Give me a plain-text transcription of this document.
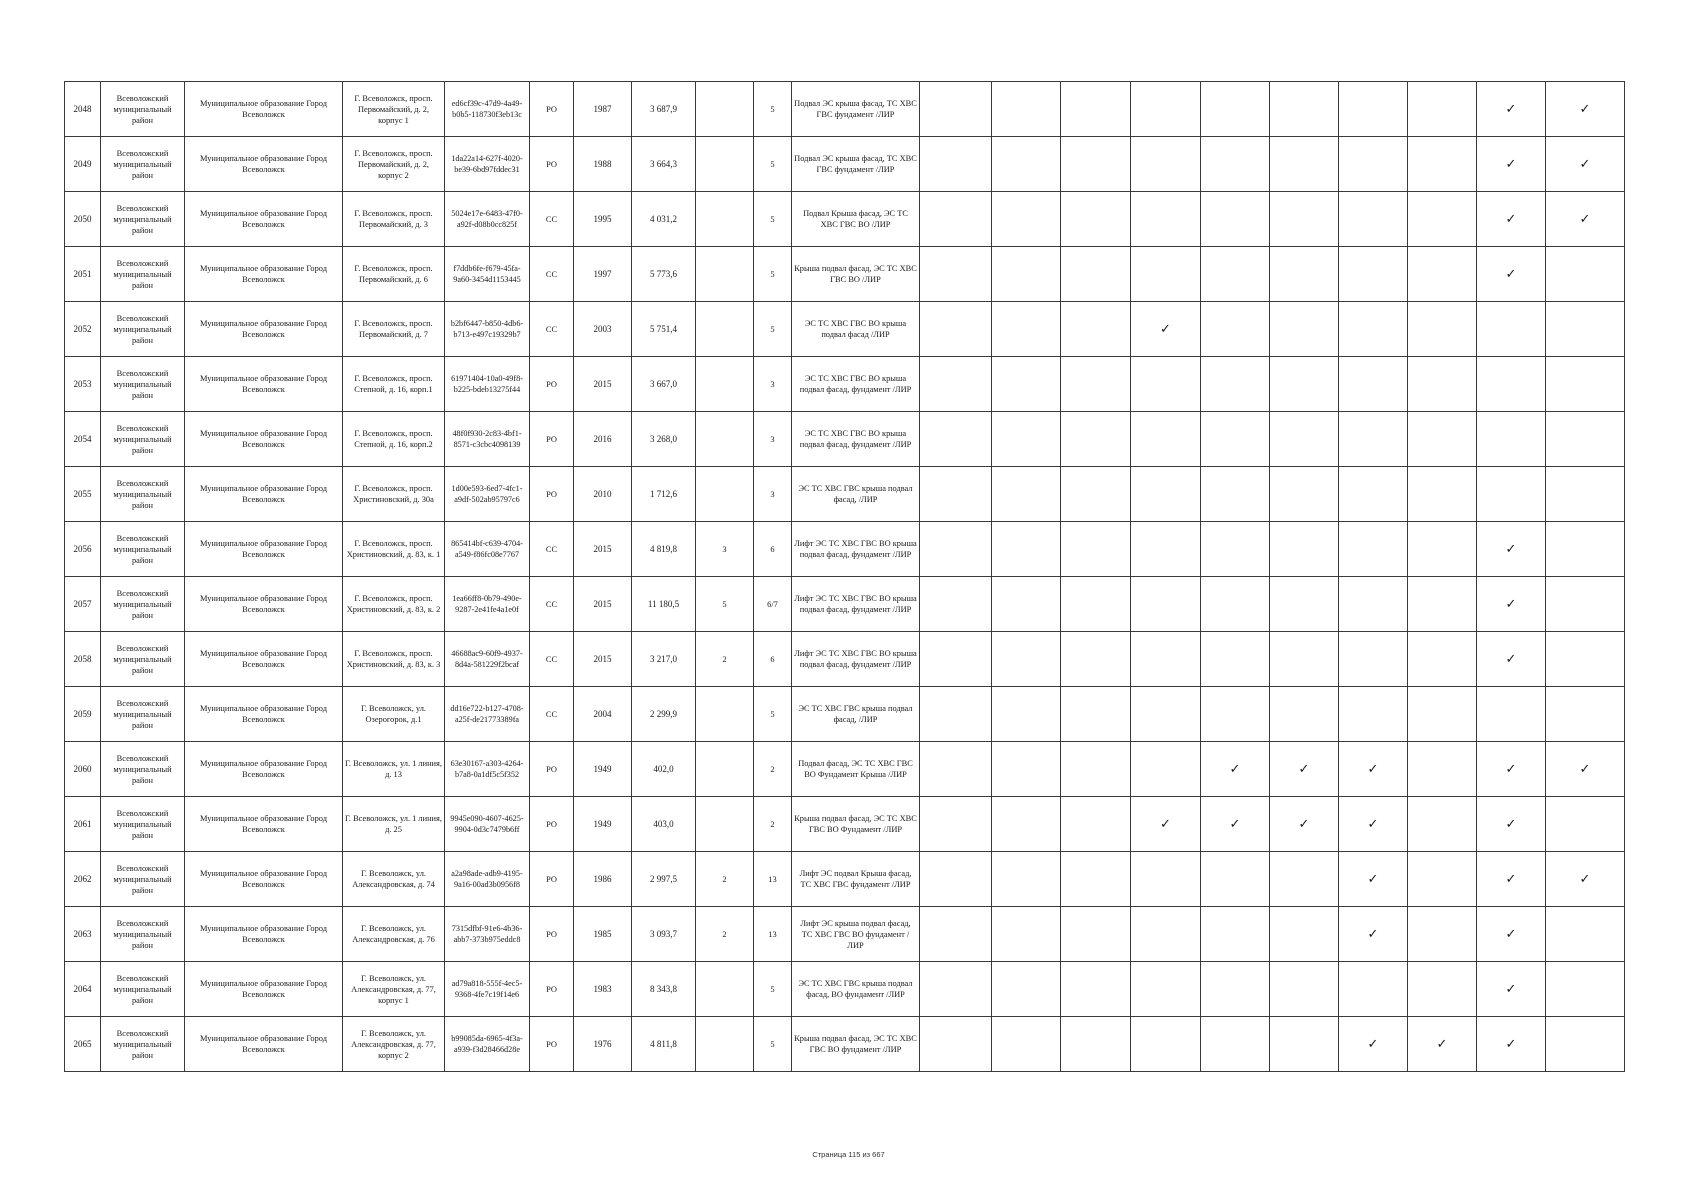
2048	Всеволожский муниципальный район	Муниципальное образование Город Всеволожск	Г. Всеволожск, просп. Первомайский, д. 2, корпус 1	ed6cf39c-47d9-4a49-b0b5-118730f3eb13c	РО	1987	3 687,9		5	Подвал ЭС крыша фасад, ТС ХВС ГВС фундамент /ЛИР									✓	✓	
2049	Всеволожский муниципальный район	Муниципальное образование Город Всеволожск	Г. Всеволожск, просп. Первомайский, д. 2, корпус 2	1da22a14-627f-4020-be39-6bd97fddec31	РО	1988	3 664,3		5	Подвал ЭС крыша фасад, ТС ХВС ГВС фундамент /ЛИР									✓	✓	
2050	Всеволожский муниципальный район	Муниципальное образование Город Всеволожск	Г. Всеволожск, просп. Первомайский, д. 3	5024e17e-6483-47f0-a92f-d08b0cc825f	СС	1995	4 031,2		5	Подвал Крыша фасад, ЭС ТС ХВС ГВС ВО /ЛИР									✓	✓	
2051	Всеволожский муниципальный район	Муниципальное образование Город Всеволожск	Г. Всеволожск, просп. Первомайский, д. 6	f7ddb6fe-f679-45fa-9a60-3454d1153445	СС	1997	5 773,6		5	Крыша подвал фасад, ЭС ТС ХВС ГВС ВО /ЛИР									✓		
2052	Всеволожский муниципальный район	Муниципальное образование Город Всеволожск	Г. Всеволожск, просп. Первомайский, д. 7	b2bf6447-b850-4db6-b713-e497c19329b7	СС	2003	5 751,4		5	ЭС ТС ХВС ГВС ВО крыша подвал фасад /ЛИР				✓							
2053	Всеволожский муниципальный район	Муниципальное образование Город Всеволожск	Г. Всеволожск, просп. Степной, д. 16, корп.1	61971404-10a0-49f8-b225-bdeb13275f44	РО	2015	3 667,0		3	ЭС ТС ХВС ГВС ВО крыша подвал фасад, фундамент /ЛИР											
2054	Всеволожский муниципальный район	Муниципальное образование Город Всеволожск	Г. Всеволожск, просп. Степной, д. 16, корп.2	48f0f930-2c83-4bf1-8571-c3cbc4098139	РО	2016	3 268,0		3	ЭС ТС ХВС ГВС ВО крыша подвал фасад, фундамент /ЛИР											
2055	Всеволожский муниципальный район	Муниципальное образование Город Всеволожск	Г. Всеволожск, просп. Христиновский, д. 30а	1d00e593-6ed7-4fc1-a9df-502ab95797c6	РО	2010	1 712,6		3	ЭС ТС ХВС ГВС крыша подвал фасад, /ЛИР											
2056	Всеволожский муниципальный район	Муниципальное образование Город Всеволожск	Г. Всеволожск, просп. Христиновский, д. 83, к. 1	865414bf-c639-4704-a549-f86fc08e7767	СС	2015	4 819,8	3	6	Лифт ЭС ТС ХВС ГВС ВО крыша подвал фасад, фундамент /ЛИР									✓		
2057	Всеволожский муниципальный район	Муниципальное образование Город Всеволожск	Г. Всеволожск, просп. Христиновский, д. 83, к. 2	1ea66ff8-0b79-490e-9287-2e41fe4a1e0f	СС	2015	11 180,5	5	6/7	Лифт ЭС ТС ХВС ГВС ВО крыша подвал фасад, фундамент /ЛИР									✓		
2058	Всеволожский муниципальный район	Муниципальное образование Город Всеволожск	Г. Всеволожск, просп. Христиновский, д. 83, к. 3	46688ac9-60f9-4937-8d4a-581229f2bcaf	СС	2015	3 217,0	2	6	Лифт ЭС ТС ХВС ГВС ВО крыша подвал фасад, фундамент /ЛИР									✓		
2059	Всеволожский муниципальный район	Муниципальное образование Город Всеволожск	Г. Всеволожск, ул. Озерогорок, д.1	dd16e722-b127-4708-a25f-de21773389fa	СС	2004	2 299,9		5	ЭС ТС ХВС ГВС крыша подвал фасад, /ЛИР											
2060	Всеволожский муниципальный район	Муниципальное образование Город Всеволожск	Г. Всеволожск, ул. 1 линия, д. 13	63e30167-a303-4264-b7a8-0a1df5c5f352	РО	1949	402,0		2	Подвал фасад, ЭС ТС ХВС ГВС ВО Фундамент Крыша /ЛИР					✓	✓	✓		✓	✓	
2061	Всеволожский муниципальный район	Муниципальное образование Город Всеволожск	Г. Всеволожск, ул. 1 линия, д. 25	9945e090-4607-4625-9904-0d3c7479b6ff	РО	1949	403,0		2	Крыша подвал фасад, ЭС ТС ХВС ГВС ВО Фундамент /ЛИР				✓	✓	✓	✓		✓		
2062	Всеволожский муниципальный район	Муниципальное образование Город Всеволожск	Г. Всеволожск, ул. Александровская, д. 74	a2a98ade-adb9-4195-9a16-00ad3b0956f8	РО	1986	2 997,5	2	13	Лифт ЭС подвал Крыша фасад, ТС ХВС ГВС фундамент /ЛИР							✓		✓	✓	
2063	Всеволожский муниципальный район	Муниципальное образование Город Всеволожск	Г. Всеволожск, ул. Александровская, д. 76	7315dfbf-91e6-4b36-abb7-373b975eddc8	РО	1985	3 093,7	2	13	Лифт ЭС крыша подвал фасад, ТС ХВС ГВС ВО фундамент /ЛИР							✓		✓		
2064	Всеволожский муниципальный район	Муниципальное образование Город Всеволожск	Г. Всеволожск, ул. Александровская, д. 77, корпус 1	ad79a818-555f-4ec5-9368-4fe7c19f14e6	РО	1983	8 343,8		5	ЭС ТС ХВС ГВС крыша подвал фасад, ВО фундамент /ЛИР									✓		
2065	Всеволожский муниципальный район	Муниципальное образование Город Всеволожск	Г. Всеволожск, ул. Александровская, д. 77, корпус 2	b99085da-6965-4f3a-a939-f3d28466d28e	РО	1976	4 811,8		5	Крыша подвал фасад, ЭС ТС ХВС ГВС ВО фундамент /ЛИР							✓	✓	✓		
Страница 115 из 667
